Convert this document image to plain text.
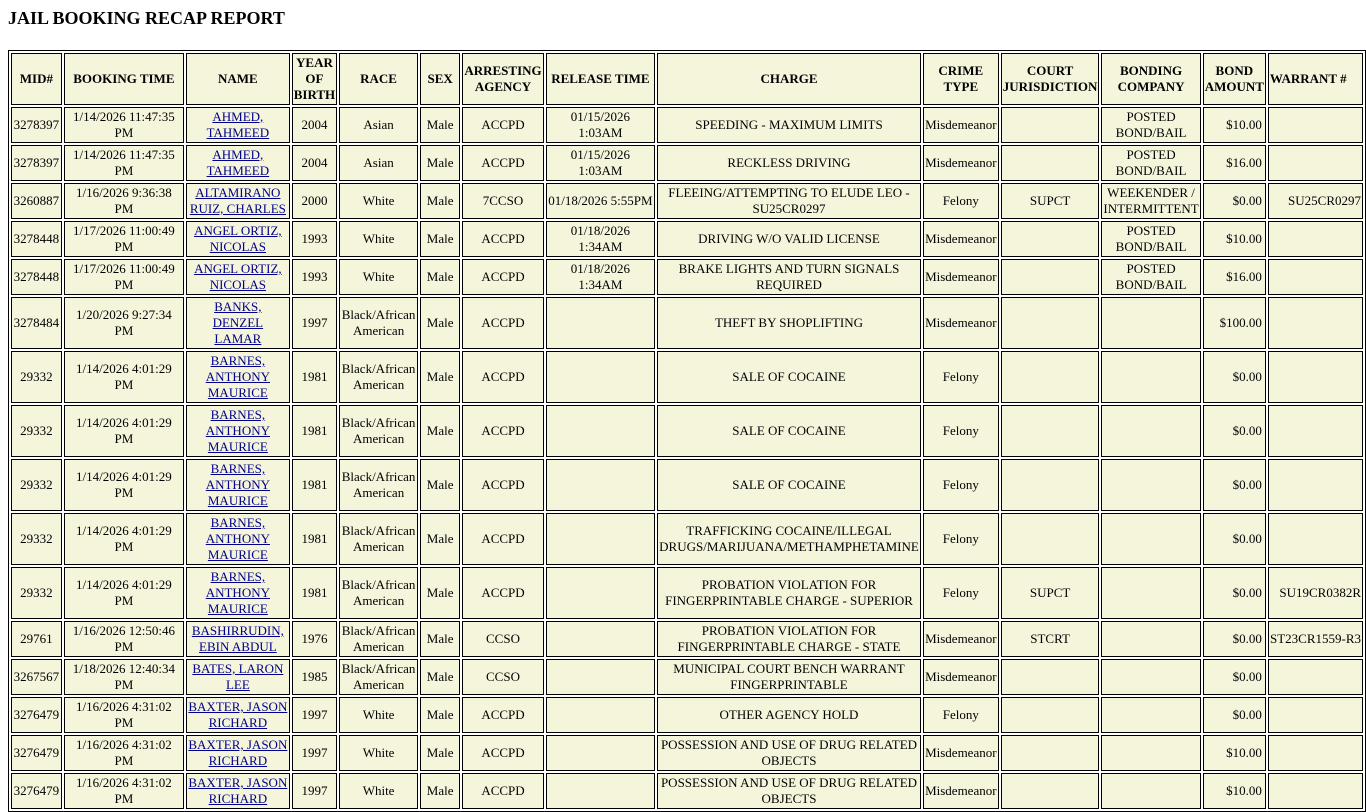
JAIL BOOKING RECAP REPORT
MID#	BOOKING TIME	NAME	YEAR OF BIRTH	RACE	SEX	ARRESTING AGENCY	RELEASE TIME	CHARGE	CRIME TYPE	COURT JURISDICTION	BONDING COMPANY	BOND AMOUNT	WARRANT #
3278397	1/14/2026 11:47:35 PM	AHMED, TAHMEED	2004	Asian	Male	ACCPD	01/15/2026 1:03AM	SPEEDING - MAXIMUM LIMITS	Misdemeanor		POSTED BOND/BAIL	$10.00	
3278397	1/14/2026 11:47:35 PM	AHMED, TAHMEED	2004	Asian	Male	ACCPD	01/15/2026 1:03AM	RECKLESS DRIVING	Misdemeanor		POSTED BOND/BAIL	$16.00	
3260887	1/16/2026 9:36:38 PM	ALTAMIRANO RUIZ, CHARLES	2000	White	Male	7CCSO	01/18/2026 5:55PM	FLEEING/ATTEMPTING TO ELUDE LEO - SU25CR0297	Felony	SUPCT	WEEKENDER / INTERMITTENT	$0.00	SU25CR0297
3278448	1/17/2026 11:00:49 PM	ANGEL ORTIZ, NICOLAS	1993	White	Male	ACCPD	01/18/2026 1:34AM	DRIVING W/O VALID LICENSE	Misdemeanor		POSTED BOND/BAIL	$10.00	
3278448	1/17/2026 11:00:49 PM	ANGEL ORTIZ, NICOLAS	1993	White	Male	ACCPD	01/18/2026 1:34AM	BRAKE LIGHTS AND TURN SIGNALS REQUIRED	Misdemeanor		POSTED BOND/BAIL	$16.00	
3278484	1/20/2026 9:27:34 PM	BANKS, DENZEL LAMAR	1997	Black/African American	Male	ACCPD		THEFT BY SHOPLIFTING	Misdemeanor			$100.00	
29332	1/14/2026 4:01:29 PM	BARNES, ANTHONY MAURICE	1981	Black/African American	Male	ACCPD		SALE OF COCAINE	Felony			$0.00	
29332	1/14/2026 4:01:29 PM	BARNES, ANTHONY MAURICE	1981	Black/African American	Male	ACCPD		SALE OF COCAINE	Felony			$0.00	
29332	1/14/2026 4:01:29 PM	BARNES, ANTHONY MAURICE	1981	Black/African American	Male	ACCPD		SALE OF COCAINE	Felony			$0.00	
29332	1/14/2026 4:01:29 PM	BARNES, ANTHONY MAURICE	1981	Black/African American	Male	ACCPD		TRAFFICKING COCAINE/ILLEGAL DRUGS/MARIJUANA/METHAMPHETAMINE	Felony			$0.00	
29332	1/14/2026 4:01:29 PM	BARNES, ANTHONY MAURICE	1981	Black/African American	Male	ACCPD		PROBATION VIOLATION FOR FINGERPRINTABLE CHARGE - SUPERIOR	Felony	SUPCT		$0.00	SU19CR0382R
29761	1/16/2026 12:50:46 PM	BASHIRRUDIN, EBIN ABDUL	1976	Black/African American	Male	CCSO		PROBATION VIOLATION FOR FINGERPRINTABLE CHARGE - STATE	Misdemeanor	STCRT		$0.00	ST23CR1559-R3
3267567	1/18/2026 12:40:34 PM	BATES, LARON LEE	1985	Black/African American	Male	CCSO		MUNICIPAL COURT BENCH WARRANT FINGERPRINTABLE	Misdemeanor			$0.00	
3276479	1/16/2026 4:31:02 PM	BAXTER, JASON RICHARD	1997	White	Male	ACCPD		OTHER AGENCY HOLD	Felony			$0.00	
3276479	1/16/2026 4:31:02 PM	BAXTER, JASON RICHARD	1997	White	Male	ACCPD		POSSESSION AND USE OF DRUG RELATED OBJECTS	Misdemeanor			$10.00	
3276479	1/16/2026 4:31:02 PM	BAXTER, JASON RICHARD	1997	White	Male	ACCPD		POSSESSION AND USE OF DRUG RELATED OBJECTS	Misdemeanor			$10.00	
